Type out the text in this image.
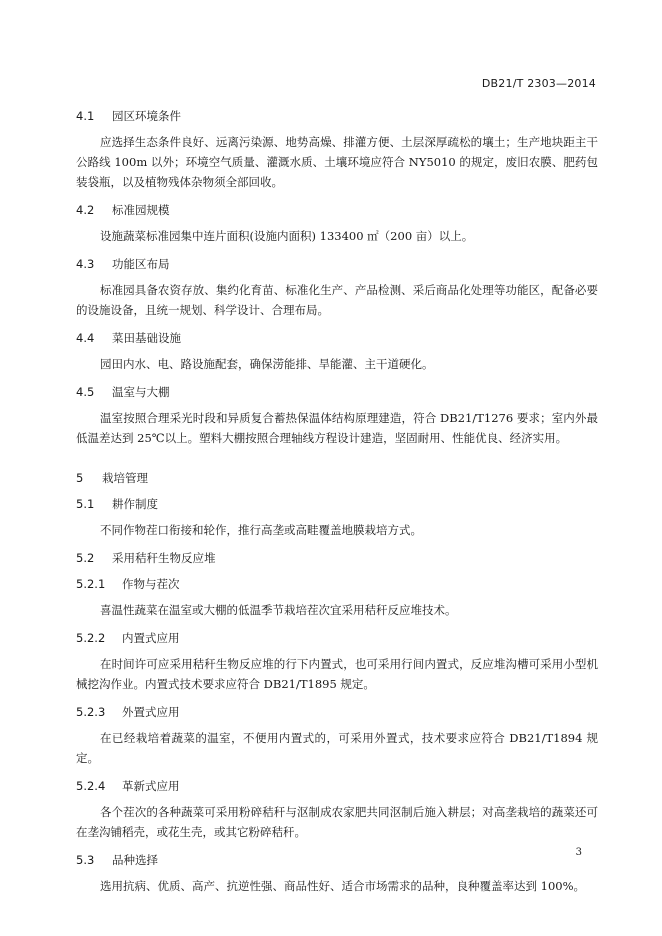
DB21/T 2303—2014
4.1	园区环境条件

应选择生态条件良好、远离污染源、地势高燥、排灌方便、土层深厚疏松的壤土；生产地块距主干公路线 100m 以外；环境空气质量、灌溉水质、土壤环境应符合 NY5010 的规定，废旧农膜、肥药包装袋瓶，以及植物残体杂物须全部回收。

4.2	标准园规模

设施蔬菜标准园集中连片面积(设施内面积) 133400 ㎡（200 亩）以上。

4.3	功能区布局

标准园具备农资存放、集约化育苗、标准化生产、产品检测、采后商品化处理等功能区，配备必要的设施设备，且统一规划、科学设计、合理布局。

4.4	菜田基础设施

园田内水、电、路设施配套，确保涝能排、旱能灌、主干道硬化。

4.5	温室与大棚

温室按照合理采光时段和异质复合蓄热保温体结构原理建造，符合 DB21/T1276 要求；室内外最低温差达到 25℃以上。塑料大棚按照合理轴线方程设计建造，坚固耐用、性能优良、经济实用。

5	栽培管理
5.1	耕作制度

不同作物茬口衔接和轮作，推行高垄或高畦覆盖地膜栽培方式。

5.2	采用秸秆生物反应堆
5.2.1	作物与茬次

喜温性蔬菜在温室或大棚的低温季节栽培茬次宜采用秸秆反应堆技术。

5.2.2	内置式应用

在时间许可应采用秸秆生物反应堆的行下内置式，也可采用行间内置式，反应堆沟槽可采用小型机械挖沟作业。内置式技术要求应符合 DB21/T1895 规定。

5.2.3	外置式应用

在已经栽培着蔬菜的温室，不便用内置式的，可采用外置式，技术要求应符合 DB21/T1894 规定。

5.2.4	革新式应用

各个茬次的各种蔬菜可采用粉碎秸秆与沤制成农家肥共同沤制后施入耕层；对高垄栽培的蔬菜还可在垄沟铺稻壳，或花生壳，或其它粉碎秸秆。

5.3	品种选择

选用抗病、优质、高产、抗逆性强、商品性好、适合市场需求的品种，良种覆盖率达到 100%。

3
